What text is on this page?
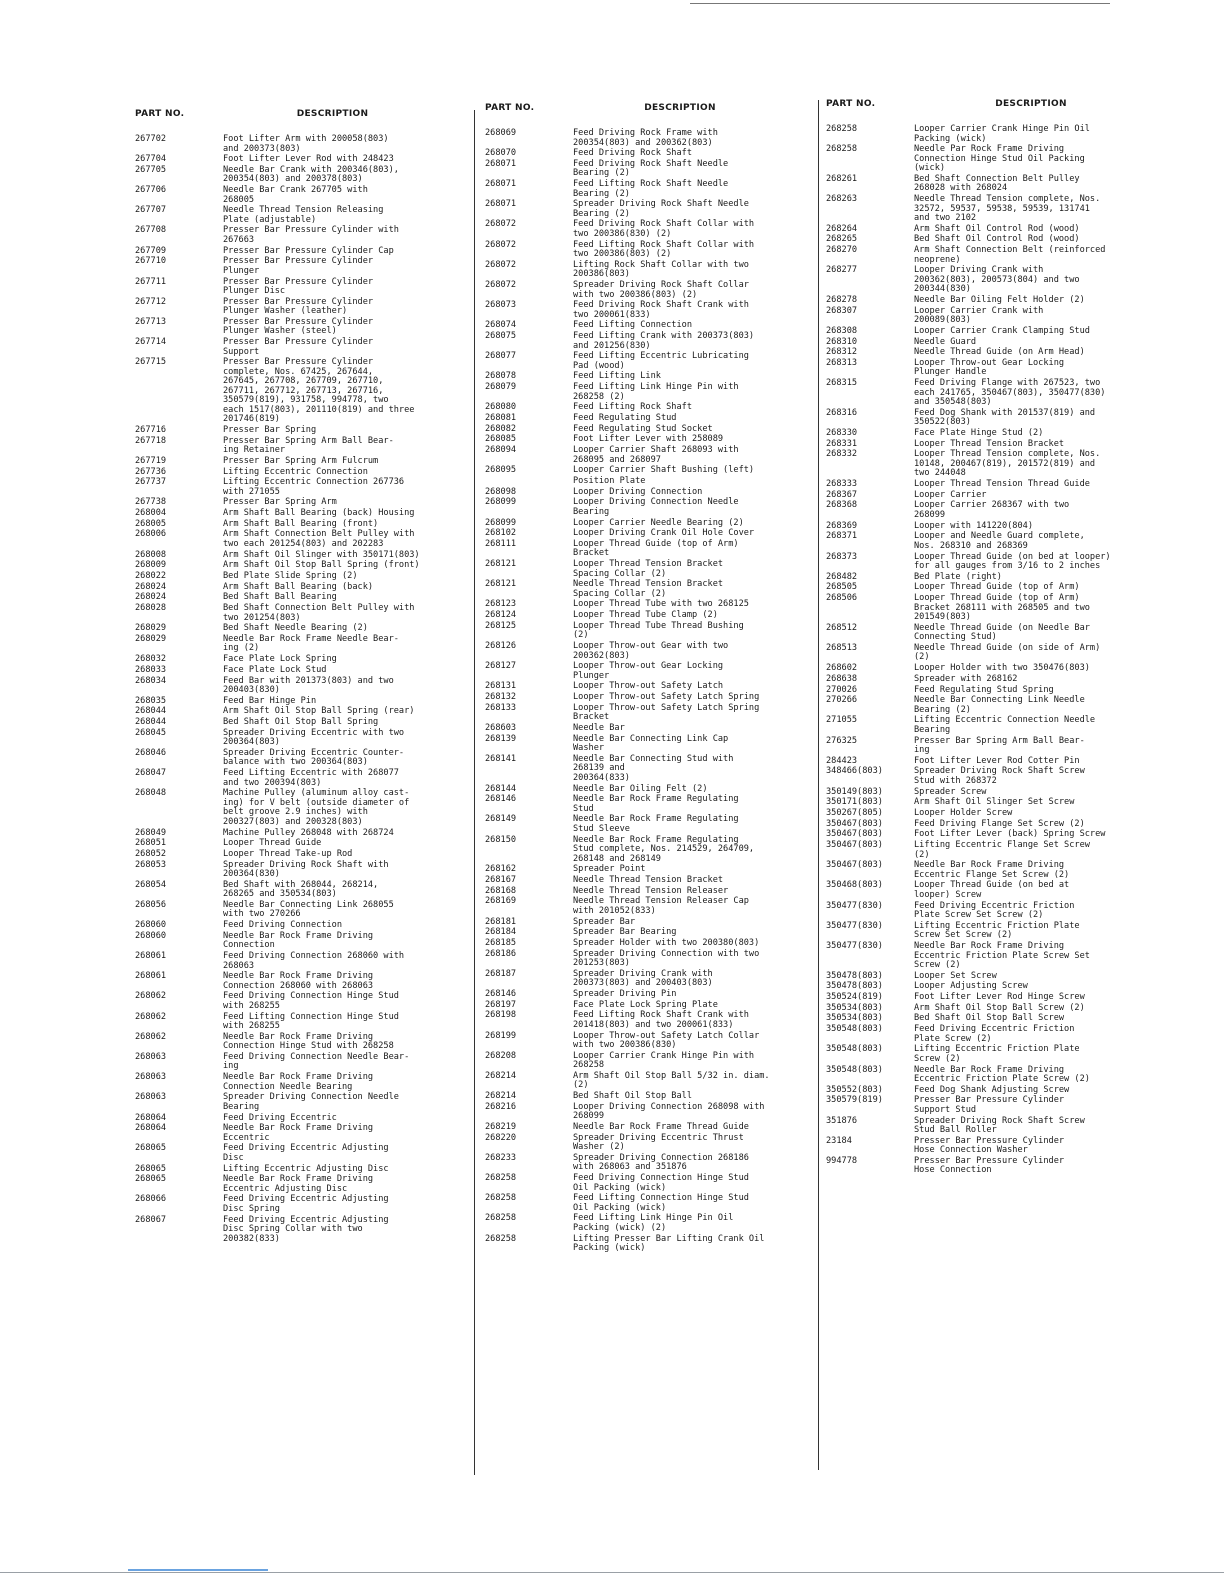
PART NO.	DESCRIPTION
267702	Foot Lifter Arm with 200058(803)
and 200373(803)
267704	Foot Lifter Lever Rod with 248423
267705	Needle Bar Crank with 200346(803),
200354(803) and 200378(803)
267706	Needle Bar Crank 267705 with
268005
267707	Needle Thread Tension Releasing
Plate (adjustable)
267708	Presser Bar Pressure Cylinder with
267663
267709	Presser Bar Pressure Cylinder Cap
267710	Presser Bar Pressure Cylinder
Plunger
267711	Presser Bar Pressure Cylinder
Plunger Disc
267712	Presser Bar Pressure Cylinder
Plunger Washer (leather)
267713	Presser Bar Pressure Cylinder
Plunger Washer (steel)
267714	Presser Bar Pressure Cylinder
Support
267715	Presser Bar Pressure Cylinder
complete, Nos. 67425, 267644,
267645, 267708, 267709, 267710,
267711, 267712, 267713, 267716,
350579(819), 931758, 994778, two
each 1517(803), 201110(819) and three
201746(819)
267716	Presser Bar Spring
267718	Presser Bar Spring Arm Ball Bear-
ing Retainer
267719	Presser Bar Spring Arm Fulcrum
267736	Lifting Eccentric Connection
267737	Lifting Eccentric Connection 267736
with 271055
267738	Presser Bar Spring Arm
268004	Arm Shaft Ball Bearing (back) Housing
268005	Arm Shaft Ball Bearing (front)
268006	Arm Shaft Connection Belt Pulley with
two each 201254(803) and 202283
268008	Arm Shaft Oil Slinger with 350171(803)
268009	Arm Shaft Oil Stop Ball Spring (front)
268022	Bed Plate Slide Spring (2)
268024	Arm Shaft Ball Bearing (back)
268024	Bed Shaft Ball Bearing
268028	Bed Shaft Connection Belt Pulley with
two 201254(803)
268029	Bed Shaft Needle Bearing (2)
268029	Needle Bar Rock Frame Needle Bear-
ing (2)
268032	Face Plate Lock Spring
268033	Face Plate Lock Stud
268034	Feed Bar with 201373(803) and two
200403(830)
268035	Feed Bar Hinge Pin
268044	Arm Shaft Oil Stop Ball Spring (rear)
268044	Bed Shaft Oil Stop Ball Spring
268045	Spreader Driving Eccentric with two
200364(803)
268046	Spreader Driving Eccentric Counter-
balance with two 200364(803)
268047	Feed Lifting Eccentric with 268077
and two 200394(803)
268048	Machine Pulley (aluminum alloy cast-
ing) for V belt (outside diameter of
belt groove 2.9 inches) with
200327(803) and 200328(803)
268049	Machine Pulley 268048 with 268724
268051	Looper Thread Guide
268052	Looper Thread Take-up Rod
268053	Spreader Driving Rock Shaft with
200364(830)
268054	Bed Shaft with 268044, 268214,
268265 and 350534(803)
268056	Needle Bar Connecting Link 268055
with two 270266
268060	Feed Driving Connection
268060	Needle Bar Rock Frame Driving
Connection
268061	Feed Driving Connection 268060 with
268063
268061	Needle Bar Rock Frame Driving
Connection 268060 with 268063
268062	Feed Driving Connection Hinge Stud
with 268255
268062	Feed Lifting Connection Hinge Stud
with 268255
268062	Needle Bar Rock Frame Driving
Connection Hinge Stud with 268258
268063	Feed Driving Connection Needle Bear-
ing
268063	Needle Bar Rock Frame Driving
Connection Needle Bearing
268063	Spreader Driving Connection Needle
Bearing
268064	Feed Driving Eccentric
268064	Needle Bar Rock Frame Driving
Eccentric
268065	Feed Driving Eccentric Adjusting
Disc
268065	Lifting Eccentric Adjusting Disc
268065	Needle Bar Rock Frame Driving
Eccentric Adjusting Disc
268066	Feed Driving Eccentric Adjusting
Disc Spring
268067	Feed Driving Eccentric Adjusting
Disc Spring Collar with two
200382(833)
PART NO.	DESCRIPTION
268069	Feed Driving Rock Frame with
200354(803) and 200362(803)
268070	Feed Driving Rock Shaft
268071	Feed Driving Rock Shaft Needle
Bearing (2)
268071	Feed Lifting Rock Shaft Needle
Bearing (2)
268071	Spreader Driving Rock Shaft Needle
Bearing (2)
268072	Feed Driving Rock Shaft Collar with
two 200386(830) (2)
268072	Feed Lifting Rock Shaft Collar with
two 200386(803) (2)
268072	Lifting Rock Shaft Collar with two
200386(803)
268072	Spreader Driving Rock Shaft Collar
with two 200386(803) (2)
268073	Feed Driving Rock Shaft Crank with
two 200061(833)
268074	Feed Lifting Connection
268075	Feed Lifting Crank with 200373(803)
and 201256(830)
268077	Feed Lifting Eccentric Lubricating
Pad (wood)
268078	Feed Lifting Link
268079	Feed Lifting Link Hinge Pin with
268258 (2)
268080	Feed Lifting Rock Shaft
268081	Feed Regulating Stud
268082	Feed Regulating Stud Socket
268085	Foot Lifter Lever with 258089
268094	Looper Carrier Shaft 268093 with
268095 and 268097
268095	Looper Carrier Shaft Bushing (left)
Position Plate
268098	Looper Driving Connection
268099	Looper Driving Connection Needle
Bearing
268099	Looper Carrier Needle Bearing (2)
268102	Looper Driving Crank Oil Hole Cover
268111	Looper Thread Guide (top of Arm)
Bracket
268121	Looper Thread Tension Bracket
Spacing Collar (2)
268121	Needle Thread Tension Bracket
Spacing Collar (2)
268123	Looper Thread Tube with two 268125
268124	Looper Thread Tube Clamp (2)
268125	Looper Thread Tube Thread Bushing
(2)
268126	Looper Throw-out Gear with two
200362(803)
268127	Looper Throw-out Gear Locking
Plunger
268131	Looper Throw-out Safety Latch
268132	Looper Throw-out Safety Latch Spring
268133	Looper Throw-out Safety Latch Spring
Bracket
268603	Needle Bar
268139	Needle Bar Connecting Link Cap
Washer
268141	Needle Bar Connecting Stud with
268139 and
200364(833)
268144	Needle Bar Oiling Felt (2)
268146	Needle Bar Rock Frame Regulating
Stud
268149	Needle Bar Rock Frame Regulating
Stud Sleeve
268150	Needle Bar Rock Frame Regulating
Stud complete, Nos. 214529, 264709,
268148 and 268149
268162	Spreader Point
268167	Needle Thread Tension Bracket
268168	Needle Thread Tension Releaser
268169	Needle Thread Tension Releaser Cap
with 201052(833)
268181	Spreader Bar
268184	Spreader Bar Bearing
268185	Spreader Holder with two 200380(803)
268186	Spreader Driving Connection with two
201253(803)
268187	Spreader Driving Crank with
200373(803) and 200403(803)
268146	Spreader Driving Pin
268197	Face Plate Lock Spring Plate
268198	Feed Lifting Rock Shaft Crank with
201418(803) and two 200061(833)
268199	Looper Throw-out Safety Latch Collar
with two 200386(830)
268208	Looper Carrier Crank Hinge Pin with
268258
268214	Arm Shaft Oil Stop Ball 5/32 in. diam.
(2)
268214	Bed Shaft Oil Stop Ball
268216	Looper Driving Connection 268098 with
268099
268219	Needle Bar Rock Frame Thread Guide
268220	Spreader Driving Eccentric Thrust
Washer (2)
268233	Spreader Driving Connection 268186
with 268063 and 351876
268258	Feed Driving Connection Hinge Stud
Oil Packing (wick)
268258	Feed Lifting Connection Hinge Stud
Oil Packing (wick)
268258	Feed Lifting Link Hinge Pin Oil
Packing (wick) (2)
268258	Lifting Presser Bar Lifting Crank Oil
Packing (wick)
PART NO.	DESCRIPTION
268258	Looper Carrier Crank Hinge Pin Oil
Packing (wick)
268258	Needle Par Rock Frame Driving
Connection Hinge Stud Oil Packing
(wick)
268261	Bed Shaft Connection Belt Pulley
268028 with 268024
268263	Needle Thread Tension complete, Nos.
32572, 59537, 59538, 59539, 131741
and two 2102
268264	Arm Shaft Oil Control Rod (wood)
268265	Bed Shaft Oil Control Rod (wood)
268270	Arm Shaft Connection Belt (reinforced
neoprene)
268277	Looper Driving Crank with
200362(803), 200573(804) and two
200344(830)
268278	Needle Bar Oiling Felt Holder (2)
268307	Looper Carrier Crank with
200089(803)
268308	Looper Carrier Crank Clamping Stud
268310	Needle Guard
268312	Needle Thread Guide (on Arm Head)
268313	Looper Throw-out Gear Locking
Plunger Handle
268315	Feed Driving Flange with 267523, two
each 241765, 350467(803), 350477(830)
and 350548(803)
268316	Feed Dog Shank with 201537(819) and
350522(803)
268330	Face Plate Hinge Stud (2)
268331	Looper Thread Tension Bracket
268332	Looper Thread Tension complete, Nos.
10148, 200467(819), 201572(819) and
two 244048
268333	Looper Thread Tension Thread Guide
268367	Looper Carrier
268368	Looper Carrier 268367 with two
268099
268369	Looper with 141220(804)
268371	Looper and Needle Guard complete,
Nos. 268310 and 268369
268373	Looper Thread Guide (on bed at looper)
for all gauges from 3/16 to 2 inches
268482	Bed Plate (right)
268505	Looper Thread Guide (top of Arm)
268506	Looper Thread Guide (top of Arm)
Bracket 268111 with 268505 and two
201549(803)
268512	Needle Thread Guide (on Needle Bar
Connecting Stud)
268513	Needle Thread Guide (on side of Arm)
(2)
268602	Looper Holder with two 350476(803)
268638	Spreader with 268162
270026	Feed Regulating Stud Spring
270266	Needle Bar Connecting Link Needle
Bearing (2)
271055	Lifting Eccentric Connection Needle
Bearing
276325	Presser Bar Spring Arm Ball Bear-
ing
284423	Foot Lifter Lever Rod Cotter Pin
348466(803)	Spreader Driving Rock Shaft Screw
Stud with 268372
350149(803)	Spreader Screw
350171(803)	Arm Shaft Oil Slinger Set Screw
350267(805)	Looper Holder Screw
350467(803)	Feed Driving Flange Set Screw (2)
350467(803)	Foot Lifter Lever (back) Spring Screw
350467(803)	Lifting Eccentric Flange Set Screw
(2)
350467(803)	Needle Bar Rock Frame Driving
Eccentric Flange Set Screw (2)
350468(803)	Looper Thread Guide (on bed at
looper) Screw
350477(830)	Feed Driving Eccentric Friction
Plate Screw Set Screw (2)
350477(830)	Lifting Eccentric Friction Plate
Screw Set Screw (2)
350477(830)	Needle Bar Rock Frame Driving
Eccentric Friction Plate Screw Set
Screw (2)
350478(803)	Looper Set Screw
350478(803)	Looper Adjusting Screw
350524(819)	Foot Lifter Lever Rod Hinge Screw
350534(803)	Arm Shaft Oil Stop Ball Screw (2)
350534(803)	Bed Shaft Oil Stop Ball Screw
350548(803)	Feed Driving Eccentric Friction
Plate Screw (2)
350548(803)	Lifting Eccentric Friction Plate
Screw (2)
350548(803)	Needle Bar Rock Frame Driving
Eccentric Friction Plate Screw (2)
350552(803)	Feed Dog Shank Adjusting Screw
350579(819)	Presser Bar Pressure Cylinder
Support Stud
351876	Spreader Driving Rock Shaft Screw
Stud Ball Roller
23184	Presser Bar Pressure Cylinder
Hose Connection Washer
994778	Presser Bar Pressure Cylinder
Hose Connection
